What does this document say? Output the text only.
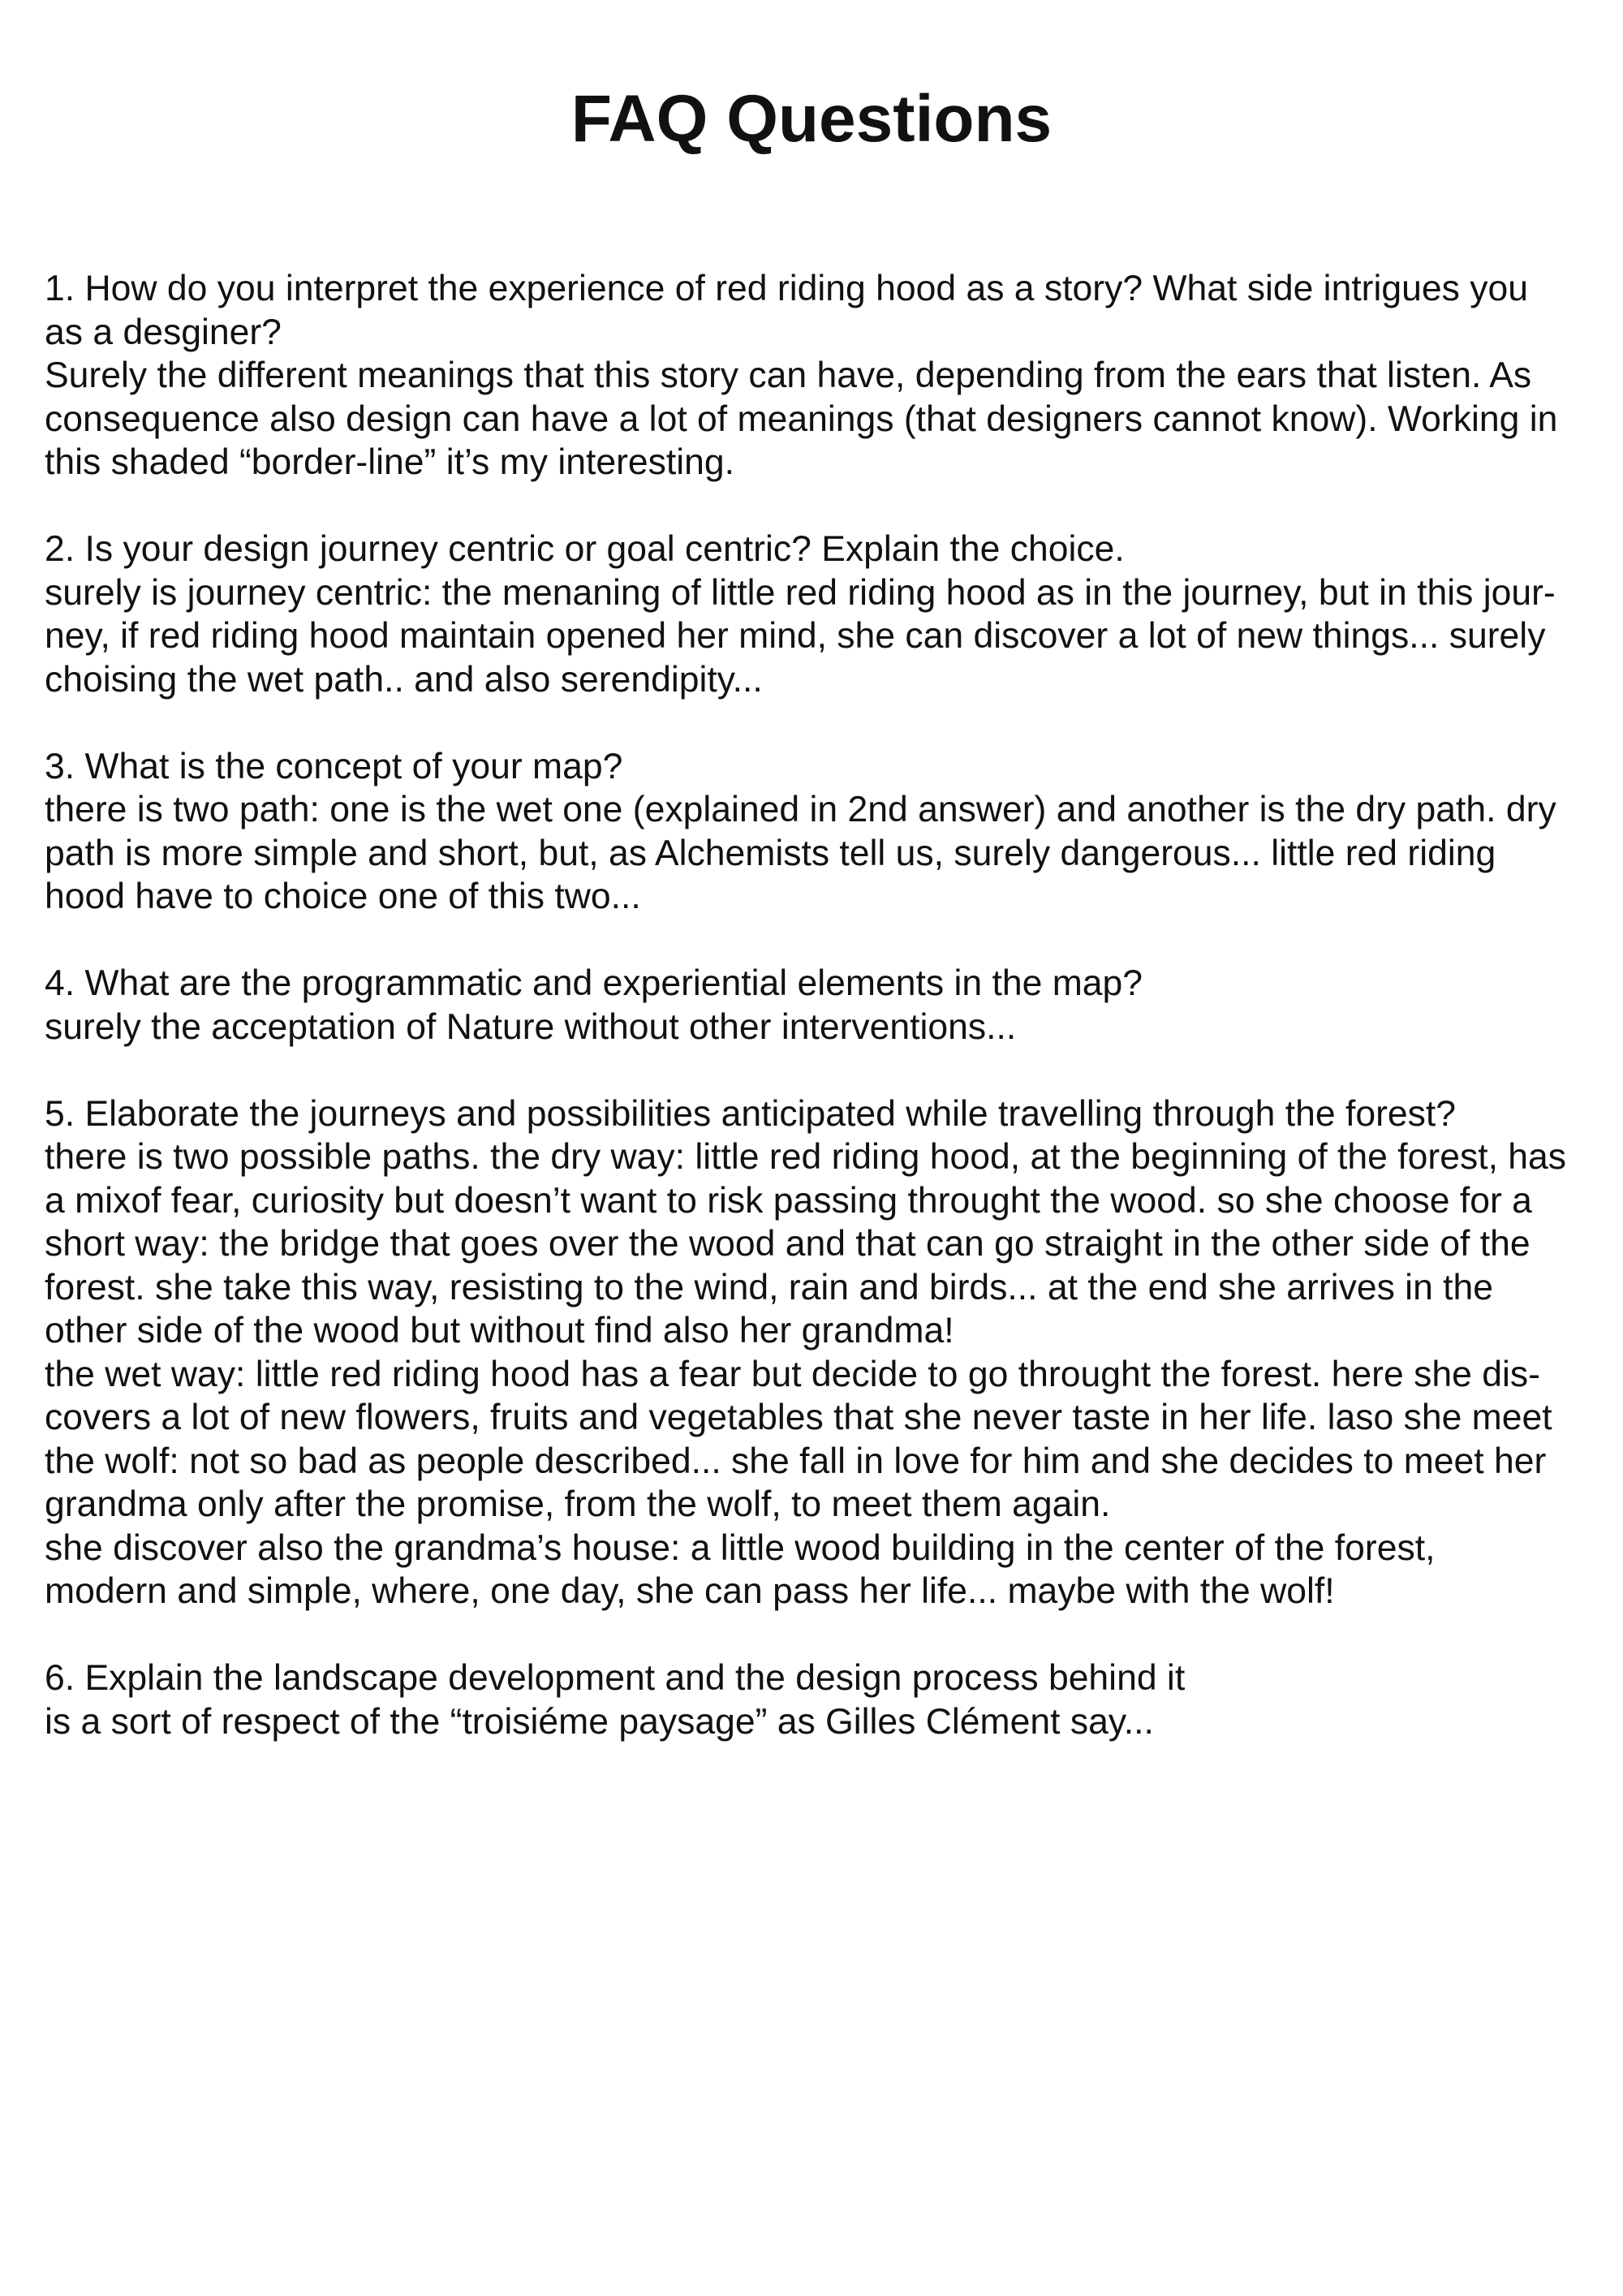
FAQ Questions
1. How do you interpret the experience of red riding hood as a story? What side intrigues you
as a desginer?
Surely the different meanings that this story can have, depending from the ears that listen. As
consequence also design can have a lot of meanings (that designers cannot know). Working in
this shaded “border-line” it’s my interesting.
2. Is your design journey centric or goal centric? Explain the choice.
surely is journey centric: the menaning of little red riding hood as in the journey, but in this jour-
ney, if red riding hood maintain opened her mind, she can discover a lot of new things... surely
choising the wet path.. and also serendipity...
3. What is the concept of your map?
there is two path: one is the wet one (explained in 2nd answer) and another is the dry path. dry
path is more simple and short, but, as Alchemists tell us, surely dangerous... little red riding
hood have to choice one of this two...
4. What are the programmatic and experiential elements in the map?
surely the acceptation of Nature without other interventions...
5. Elaborate the journeys and possibilities anticipated while travelling through the forest?
there is two possible paths. the dry way: little red riding hood, at the beginning of the forest, has
a mixof fear, curiosity but doesn’t want to risk passing throught the wood. so she choose for a
short way: the bridge that goes over the wood and that can go straight in the other side of the
forest. she take this way, resisting to the wind, rain and birds... at the end she arrives in the
other side of the wood but without find also her grandma!
the wet way: little red riding hood has a fear but decide to go throught the forest. here she dis-
covers a lot of new flowers, fruits and vegetables that she never taste in her life. laso she meet
the wolf: not so bad as people described... she fall in love for him and she decides to meet her
grandma only after the promise, from the wolf, to meet them again.
she discover also the grandma’s house: a little wood building in the center of the forest,
modern and simple, where, one day, she can pass her life... maybe with the wolf!
6. Explain the landscape development and the design process behind it
is a sort of respect of the “troisiéme paysage” as Gilles Clément say...
